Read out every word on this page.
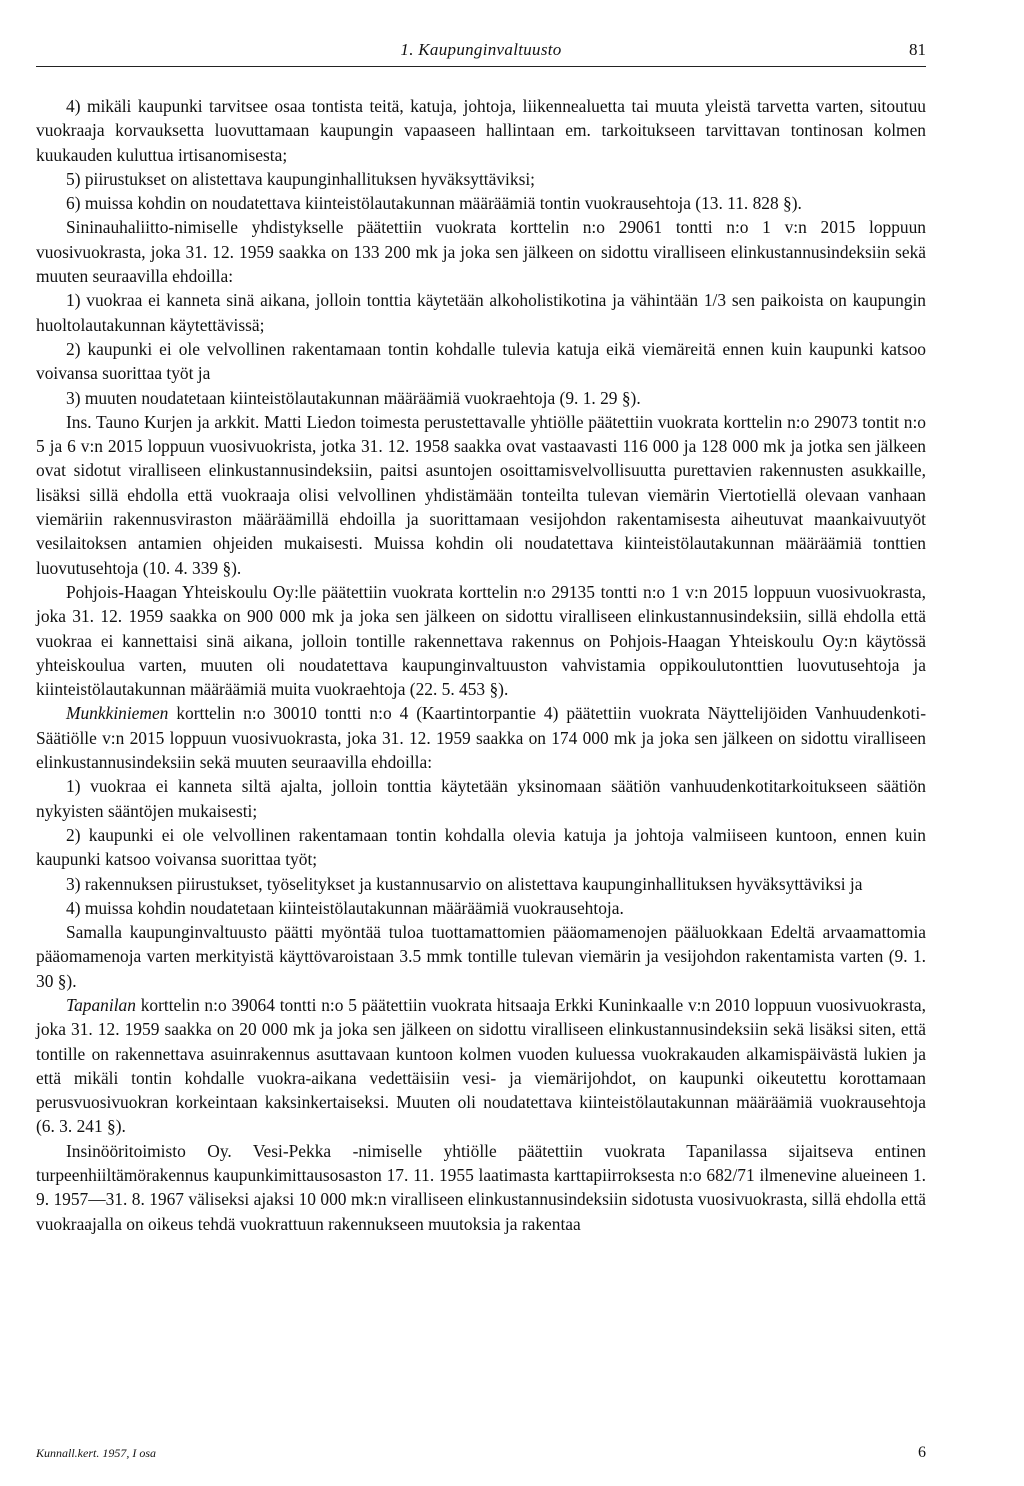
1. Kaupunginvaltuusto	81

4) mikäli kaupunki tarvitsee osaa tontista teitä, katuja, johtoja, liikennealuetta tai muuta yleistä tarvetta varten, sitoutuu vuokraaja korvauksetta luovuttamaan kaupungin vapaaseen hallintaan em. tarkoitukseen tarvittavan tontinosan kolmen kuukauden kuluttua irtisanomisesta;

5) piirustukset on alistettava kaupunginhallituksen hyväksyttäviksi;

6) muissa kohdin on noudatettava kiinteistölautakunnan määräämiä tontin vuokrausehtoja (13. 11. 828 §).

Sininauhaliitto-nimiselle yhdistykselle päätettiin vuokrata korttelin n:o 29061 tontti n:o 1 v:n 2015 loppuun vuosivuokrasta, joka 31. 12. 1959 saakka on 133 200 mk ja joka sen jälkeen on sidottu viralliseen elinkustannusindeksiin sekä muuten seuraavilla ehdoilla:

1) vuokraa ei kanneta sinä aikana, jolloin tonttia käytetään alkoholistikotina ja vähintään 1/3 sen paikoista on kaupungin huoltolautakunnan käytettävissä;

2) kaupunki ei ole velvollinen rakentamaan tontin kohdalle tulevia katuja eikä viemäreitä ennen kuin kaupunki katsoo voivansa suorittaa työt ja

3) muuten noudatetaan kiinteistölautakunnan määräämiä vuokraehtoja (9. 1. 29 §).

Ins. Tauno Kurjen ja arkkit. Matti Liedon toimesta perustettavalle yhtiölle päätettiin vuokrata korttelin n:o 29073 tontit n:o 5 ja 6 v:n 2015 loppuun vuosivuokrista, jotka 31. 12. 1958 saakka ovat vastaavasti 116 000 ja 128 000 mk ja jotka sen jälkeen ovat sidotut viralliseen elinkustannusindeksiin, paitsi asuntojen osoittamisvelvollisuutta purettavien rakennusten asukkaille, lisäksi sillä ehdolla että vuokraaja olisi velvollinen yhdistämään tonteilta tulevan viemärin Viertotiellä olevaan vanhaan viemäriin rakennusviraston määräämillä ehdoilla ja suorittamaan vesijohdon rakentamisesta aiheutuvat maankaivuutyöt vesilaitoksen antamien ohjeiden mukaisesti. Muissa kohdin oli noudatettava kiinteistölautakunnan määräämiä tonttien luovutusehtoja (10. 4. 339 §).

Pohjois-Haagan Yhteiskoulu Oy:lle päätettiin vuokrata korttelin n:o 29135 tontti n:o 1 v:n 2015 loppuun vuosivuokrasta, joka 31. 12. 1959 saakka on 900 000 mk ja joka sen jälkeen on sidottu viralliseen elinkustannusindeksiin, sillä ehdolla että vuokraa ei kannettaisi sinä aikana, jolloin tontille rakennettava rakennus on Pohjois-Haagan Yhteiskoulu Oy:n käytössä yhteiskoulua varten, muuten oli noudatettava kaupunginvaltuuston vahvistamia oppikoulutonttien luovutusehtoja ja kiinteistölautakunnan määräämiä muita vuokraehtoja (22. 5. 453 §).

Munkkiniemen korttelin n:o 30010 tontti n:o 4 (Kaartintorpantie 4) päätettiin vuokrata Näyttelijöiden Vanhuudenkoti-Säätiölle v:n 2015 loppuun vuosivuokrasta, joka 31. 12. 1959 saakka on 174 000 mk ja joka sen jälkeen on sidottu viralliseen elinkustannusindeksiin sekä muuten seuraavilla ehdoilla:

1) vuokraa ei kanneta siltä ajalta, jolloin tonttia käytetään yksinomaan säätiön vanhuudenkotitarkoitukseen säätiön nykyisten sääntöjen mukaisesti;

2) kaupunki ei ole velvollinen rakentamaan tontin kohdalla olevia katuja ja johtoja valmiiseen kuntoon, ennen kuin kaupunki katsoo voivansa suorittaa työt;

3) rakennuksen piirustukset, työselitykset ja kustannusarvio on alistettava kaupunginhallituksen hyväksyttäviksi ja

4) muissa kohdin noudatetaan kiinteistölautakunnan määräämiä vuokrausehtoja.

Samalla kaupunginvaltuusto päätti myöntää tuloa tuottamattomien pääomamenojen pääluokkaan Edeltä arvaamattomia pääomamenoja varten merkityistä käyttövaroistaan 3.5 mmk tontille tulevan viemärin ja vesijohdon rakentamista varten (9. 1. 30 §).

Tapanilan korttelin n:o 39064 tontti n:o 5 päätettiin vuokrata hitsaaja Erkki Kuninkaalle v:n 2010 loppuun vuosivuokrasta, joka 31. 12. 1959 saakka on 20 000 mk ja joka sen jälkeen on sidottu viralliseen elinkustannusindeksiin sekä lisäksi siten, että tontille on rakennettava asuinrakennus asuttavaan kuntoon kolmen vuoden kuluessa vuokrakauden alkamispäivästä lukien ja että mikäli tontin kohdalle vuokra-aikana vedettäisiin vesi- ja viemärijohdot, on kaupunki oikeutettu korottamaan perusvuosivuokran korkeintaan kaksinkertaiseksi. Muuten oli noudatettava kiinteistölautakunnan määräämiä vuokrausehtoja (6. 3. 241 §).

Insinööritoimisto Oy. Vesi-Pekka -nimiselle yhtiölle päätettiin vuokrata Tapanilassa sijaitseva entinen turpeenhiiltämörakennus kaupunkimittausosaston 17. 11. 1955 laatimasta karttapiirroksesta n:o 682/71 ilmenevine alueineen 1. 9. 1957—31. 8. 1967 väliseksi ajaksi 10 000 mk:n viralliseen elinkustannusindeksiin sidotusta vuosivuokrasta, sillä ehdolla että vuokraajalla on oikeus tehdä vuokrattuun rakennukseen muutoksia ja rakentaa

Kunnall.kert. 1957, I osa	6
